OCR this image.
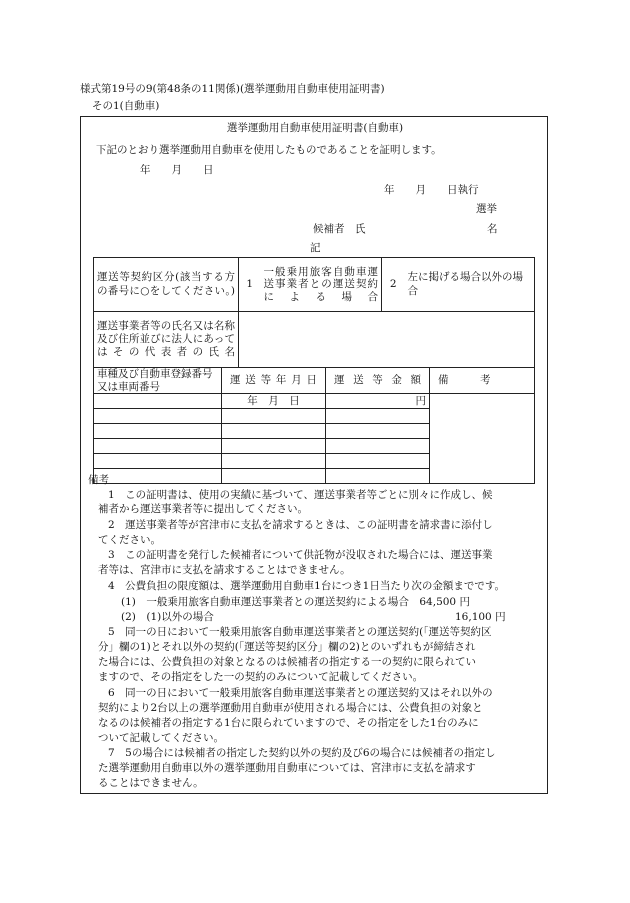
様式第19号の9(第48条の11関係)(選挙運動用自動車使用証明書)
その1(自動車)
選挙運動用自動車使用証明書(自動車)
下記のとおり選挙運動用自動車を使用したものであることを証明します。
年　　月　　日
年　　月　　日執行
選挙
候補者　氏	名
記
運送等契約区分(該当する方の番号に○をしてください。)	1	一般乗用旅客自動車運送事業者との運送契約による場合	2	左に掲げる場合以外の場合
運送事業者等の氏名又は名称及び住所並びに法人にあってはその代表者の氏名				
車種及び自動車登録番号又は車両番号	運送等年月日	運送等金額	備　　　考
	年　月　日	円	

備考
1　この証明書は、使用の実績に基づいて、運送事業者等ごとに別々に作成し、候
補者から運送事業者等に提出してください。
2　運送事業者等が宮津市に支払を請求するときは、この証明書を請求書に添付し
てください。
3　この証明書を発行した候補者について供託物が没収された場合には、運送事業
者等は、宮津市に支払を請求することはできません。
4　公費負担の限度額は、選挙運動用自動車1台につき1日当たり次の金額までです。
(1)　一般乗用旅客自動車運送事業者との運送契約による場合　64,500 円
(2)　(1)以外の場合	16,100 円
5　同一の日において一般乗用旅客自動車運送事業者との運送契約(「運送等契約区
分」欄の1)とそれ以外の契約(「運送等契約区分」欄の2)とのいずれもが締結され
た場合には、公費負担の対象となるのは候補者の指定する一の契約に限られてい
ますので、その指定をした一の契約のみについて記載してください。
6　同一の日において一般乗用旅客自動車運送事業者との運送契約又はそれ以外の
契約により2台以上の選挙運動用自動車が使用される場合には、公費負担の対象と
なるのは候補者の指定する1台に限られていますので、その指定をした1台のみに
ついて記載してください。
7　5の場合には候補者の指定した契約以外の契約及び6の場合には候補者の指定し
た選挙運動用自動車以外の選挙運動用自動車については、宮津市に支払を請求す
ることはできません。
